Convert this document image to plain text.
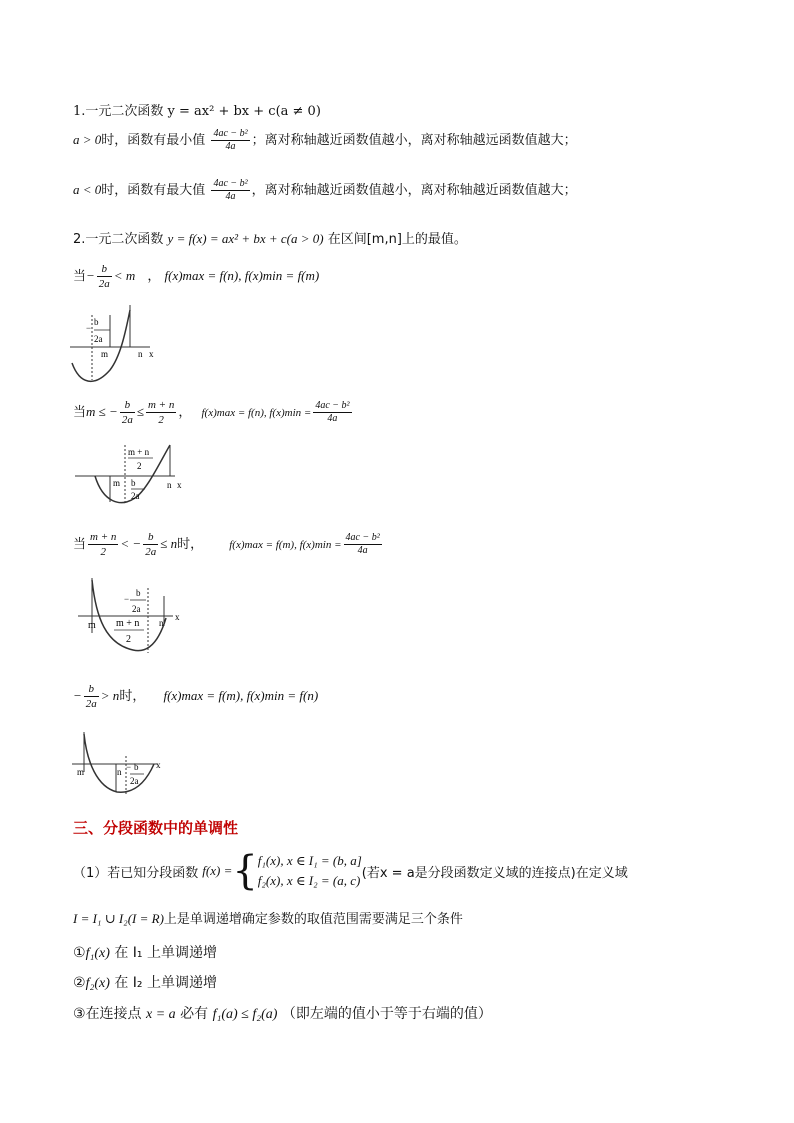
1.一元二次函数 y = ax² + bx + c(a ≠ 0)
a > 0时，函数有最小值 $\frac{\text{4ac − b²}}{4a}$ ；离对称轴越近函数值越小，离对称轴越远函数值越大；
a < 0时，函数有最大值 $\frac{\text{4ac − b²}}{4a}$ ，离对称轴越近函数值越小，离对称轴越近函数值越大；
2.一元二次函数 y = f(x) = ax² + bx + c(a > 0) 在区间[m,n]上的最值。
当− $\frac{b}{2a} < m$ ， f(x)max = f(n), f(x)min = f(m)
b
2a
−
m	n x
当m ≤ − $\frac{b}{2a} \le \frac{m + n}{2}$ ， f(x)max = f(n), $f(x)\min = \frac{\text{4ac − b²}}{4a}$
m + n
2
m b
2a
n x
当 $\frac{m + n}{2}$ < − $\frac{b}{2a} \le n$时， f(x)max = f(m), $f(x)\min = \frac{\text{4ac − b²}}{4a}$
−
b
2a
m m + n
2
n
x
− $\frac{b}{2a} > n$时， f(x)max = f(m), f(x)min = f(n)
m	n − b
2a
x
三、分段函数中的单调性
（1）若已知分段函数 f(x) = { f₁(x), x ∈ I₁ = (b, a]
f₂(x), x ∈ I₂ = (a, c) (若x = a是分段函数定义域的连接点)在定义域
I = I₁ ∪ I₂(I = R)上是单调递增确定参数的取值范围需要满足三个条件
①f₁(x) 在 I₁ 上单调递增
②f₂(x) 在 I₂ 上单调递增
③在连接点 x = a 必有 f₁(a) ≤ f₂(a) （即左端的值小于等于右端的值）
